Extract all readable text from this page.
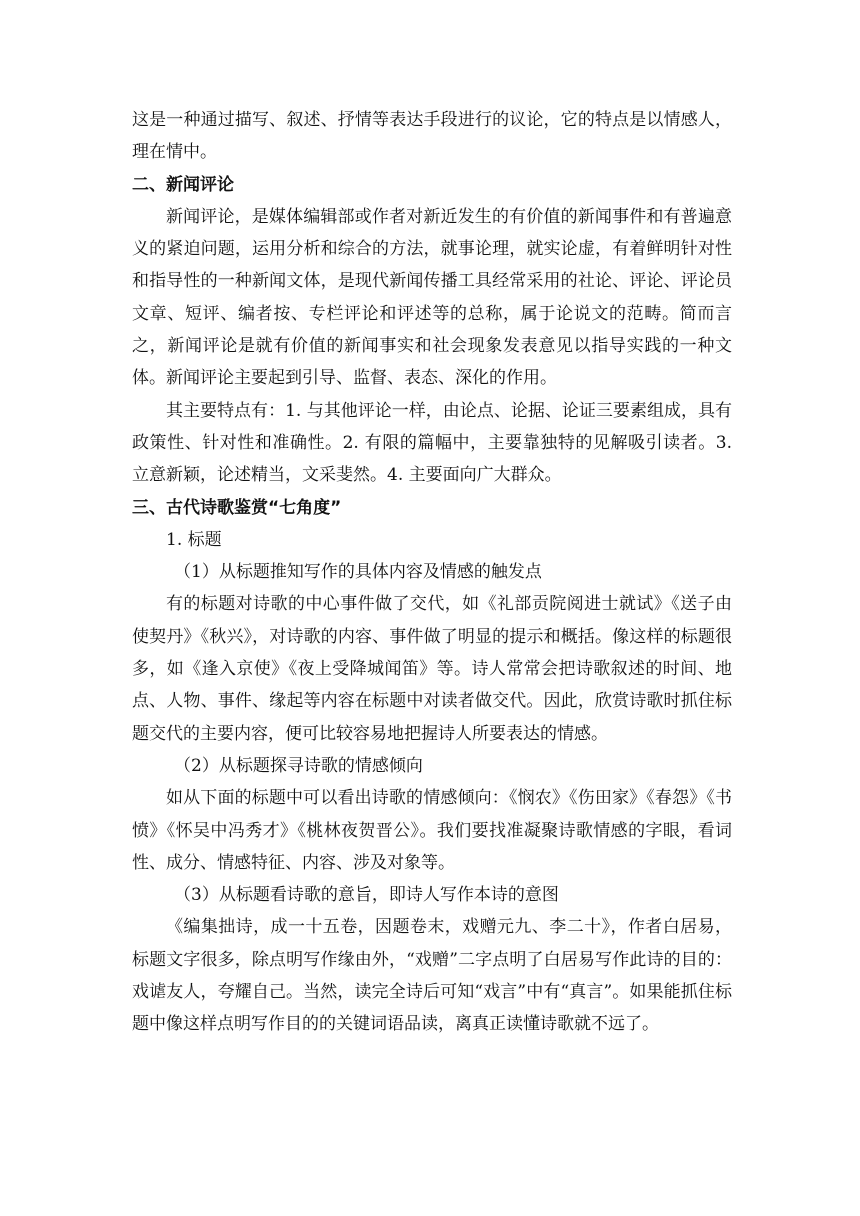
这是一种通过描写、叙述、抒情等表达手段进行的议论，它的特点是以情感人，理在情中。

二、新闻评论

新闻评论，是媒体编辑部或作者对新近发生的有价值的新闻事件和有普遍意义的紧迫问题，运用分析和综合的方法，就事论理，就实论虚，有着鲜明针对性和指导性的一种新闻文体，是现代新闻传播工具经常采用的社论、评论、评论员文章、短评、编者按、专栏评论和评述等的总称，属于论说文的范畴。简而言之，新闻评论是就有价值的新闻事实和社会现象发表意见以指导实践的一种文体。新闻评论主要起到引导、监督、表态、深化的作用。

其主要特点有：1. 与其他评论一样，由论点、论据、论证三要素组成，具有政策性、针对性和准确性。2. 有限的篇幅中，主要靠独特的见解吸引读者。3. 立意新颖，论述精当，文采斐然。4. 主要面向广大群众。

三、古代诗歌鉴赏“七角度”

1. 标题

（1）从标题推知写作的具体内容及情感的触发点

有的标题对诗歌的中心事件做了交代，如《礼部贡院阅进士就试》《送子由使契丹》《秋兴》，对诗歌的内容、事件做了明显的提示和概括。像这样的标题很多，如《逢入京使》《夜上受降城闻笛》等。诗人常常会把诗歌叙述的时间、地点、人物、事件、缘起等内容在标题中对读者做交代。因此，欣赏诗歌时抓住标题交代的主要内容，便可比较容易地把握诗人所要表达的情感。

（2）从标题探寻诗歌的情感倾向

如从下面的标题中可以看出诗歌的情感倾向：《悯农》《伤田家》《春怨》《书愤》《怀吴中冯秀才》《桃林夜贺晋公》。我们要找准凝聚诗歌情感的字眼，看词性、成分、情感特征、内容、涉及对象等。

（3）从标题看诗歌的意旨，即诗人写作本诗的意图

《编集拙诗，成一十五卷，因题卷末，戏赠元九、李二十》，作者白居易，标题文字很多，除点明写作缘由外，“戏赠”二字点明了白居易写作此诗的目的：戏谑友人，夸耀自己。当然，读完全诗后可知“戏言”中有“真言”。如果能抓住标题中像这样点明写作目的的关键词语品读，离真正读懂诗歌就不远了。
